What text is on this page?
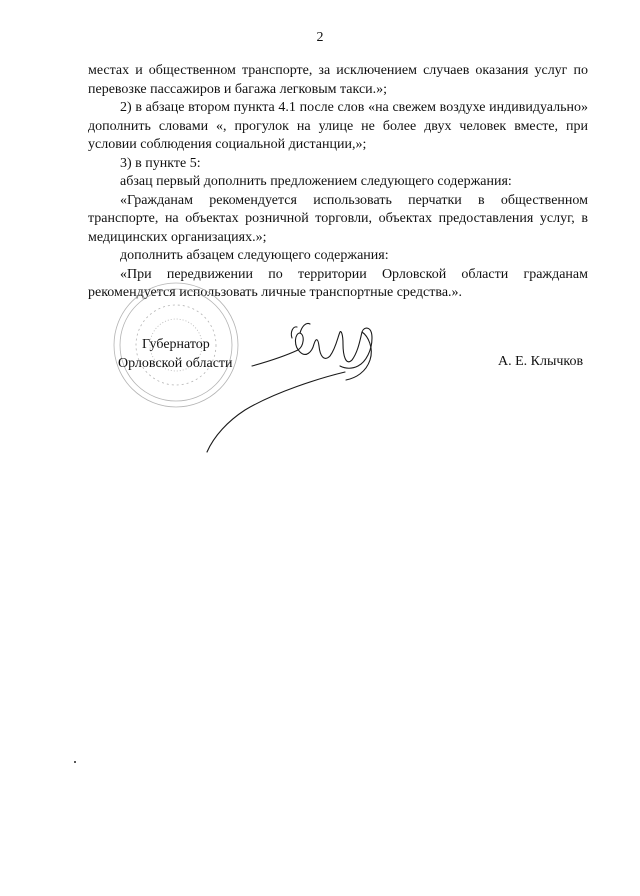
2

местах и общественном транспорте, за исключением случаев оказания услуг по перевозке пассажиров и багажа легковым такси.»;

2) в абзаце втором пункта 4.1 после слов «на свежем воздухе индивидуально» дополнить словами «, прогулок на улице не более двух человек вместе, при условии соблюдения социальной дистанции,»;

3) в пункте 5:

абзац первый дополнить предложением следующего содержания:

«Гражданам рекомендуется использовать перчатки в общественном транспорте, на объектах розничной торговли, объектах предоставления услуг, в медицинских организациях.»;

дополнить абзацем следующего содержания:

«При передвижении по территории Орловской области гражданам рекомендуется использовать личные транспортные средства.».

Губернатор
Орловской области	А. Е. Клычков
